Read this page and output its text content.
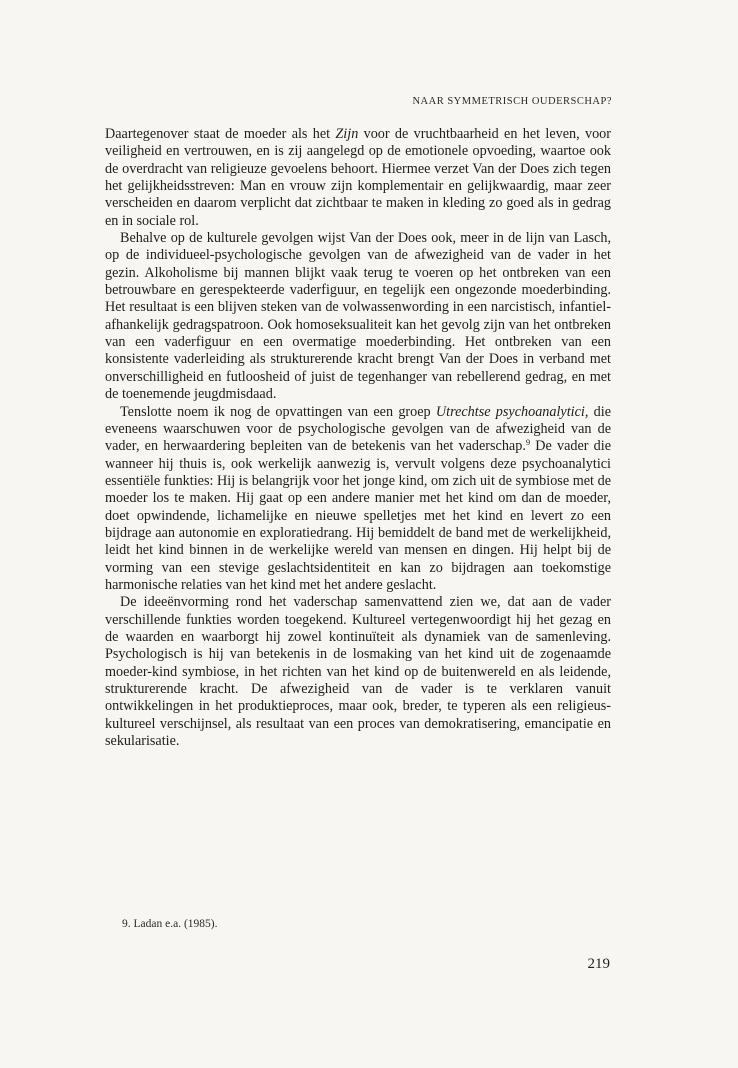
NAAR SYMMETRISCH OUDERSCHAP?

Daartegenover staat de moeder als het Zijn voor de vruchtbaarheid en het leven, voor veiligheid en vertrouwen, en is zij aangelegd op de emotionele opvoeding, waartoe ook de overdracht van religieuze gevoelens behoort. Hiermee verzet Van der Does zich tegen het gelijkheidsstreven: Man en vrouw zijn komplementair en gelijkwaardig, maar zeer verscheiden en daarom verplicht dat zichtbaar te maken in kleding zo goed als in gedrag en in sociale rol.

Behalve op de kulturele gevolgen wijst Van der Does ook, meer in de lijn van Lasch, op de individueel-psychologische gevolgen van de afwezigheid van de vader in het gezin. Alkoholisme bij mannen blijkt vaak terug te voeren op het ontbreken van een betrouwbare en gerespekteerde vaderfiguur, en tegelijk een ongezonde moederbinding. Het resultaat is een blijven steken van de volwassenwording in een narcistisch, infantiel-afhankelijk gedragspatroon. Ook homoseksualiteit kan het gevolg zijn van het ontbreken van een vaderfiguur en een overmatige moederbinding. Het ontbreken van een konsistente vaderleiding als strukturerende kracht brengt Van der Does in verband met onverschilligheid en futloosheid of juist de tegenhanger van rebellerend gedrag, en met de toenemende jeugdmisdaad.

Tenslotte noem ik nog de opvattingen van een groep Utrechtse psychoanalytici, die eveneens waarschuwen voor de psychologische gevolgen van de afwezigheid van de vader, en herwaardering bepleiten van de betekenis van het vaderschap.$^9$ De vader die wanneer hij thuis is, ook werkelijk aanwezig is, vervult volgens deze psychoanalytici essentiële funkties: Hij is belangrijk voor het jonge kind, om zich uit de symbiose met de moeder los te maken. Hij gaat op een andere manier met het kind om dan de moeder, doet opwindende, lichamelijke en nieuwe spelletjes met het kind en levert zo een bijdrage aan autonomie en exploratiedrang. Hij bemiddelt de band met de werkelijkheid, leidt het kind binnen in de werkelijke wereld van mensen en dingen. Hij helpt bij de vorming van een stevige geslachtsidentiteit en kan zo bijdragen aan toekomstige harmonische relaties van het kind met het andere geslacht.

De ideeënvorming rond het vaderschap samenvattend zien we, dat aan de vader verschillende funkties worden toegekend. Kultureel vertegenwoordigt hij het gezag en de waarden en waarborgt hij zowel kontinuïteit als dynamiek van de samenleving. Psychologisch is hij van betekenis in de losmaking van het kind uit de zogenaamde moeder-kind symbiose, in het richten van het kind op de buitenwereld en als leidende, strukturerende kracht. De afwezigheid van de vader is te verklaren vanuit ontwikkelingen in het produktieproces, maar ook, breder, te typeren als een religieus-kultureel verschijnsel, als resultaat van een proces van demokratisering, emancipatie en sekularisatie.

9. Ladan e.a. (1985).
219
